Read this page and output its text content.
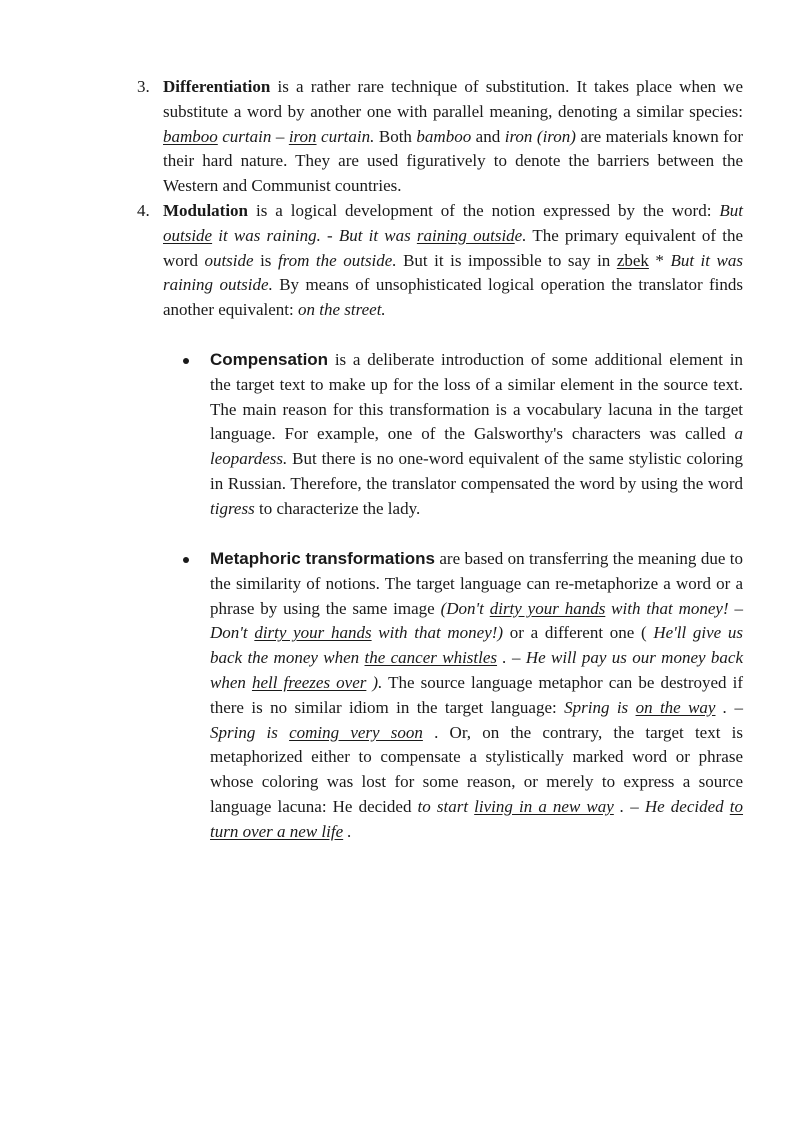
3. Differentiation is a rather rare technique of substitution. It takes place when we substitute a word by another one with parallel meaning, denoting a similar species: bamboo curtain – iron curtain. Both bamboo and iron (iron) are materials known for their hard nature. They are used figuratively to denote the barriers between the Western and Communist countries.
4. Modulation is a logical development of the notion expressed by the word: But outside it was raining. - But it was raining outside. The primary equivalent of the word outside is from the outside. But it is impossible to say in zbek * But it was raining outside. By means of unsophisticated logical operation the translator finds another equivalent: on the street.
Compensation is a deliberate introduction of some additional element in the target text to make up for the loss of a similar element in the source text. The main reason for this transformation is a vocabulary lacuna in the target language. For example, one of the Galsworthy's characters was called a leopardess. But there is no one-word equivalent of the same stylistic coloring in Russian. Therefore, the translator compensated the word by using the word tigress to characterize the lady.
Metaphoric transformations are based on transferring the meaning due to the similarity of notions. The target language can re-metaphorize a word or a phrase by using the same image (Don't dirty your hands with that money! – Don't dirty your hands with that money!) or a different one ( He'll give us back the money when the cancer whistles . – He will pay us our money back when hell freezes over ). The source language metaphor can be destroyed if there is no similar idiom in the target language: Spring is on the way . – Spring is coming very soon . Or, on the contrary, the target text is metaphorized either to compensate a stylistically marked word or phrase whose coloring was lost for some reason, or merely to express a source language lacuna: He decided to start living in a new way . – He decided to turn over a new life .
